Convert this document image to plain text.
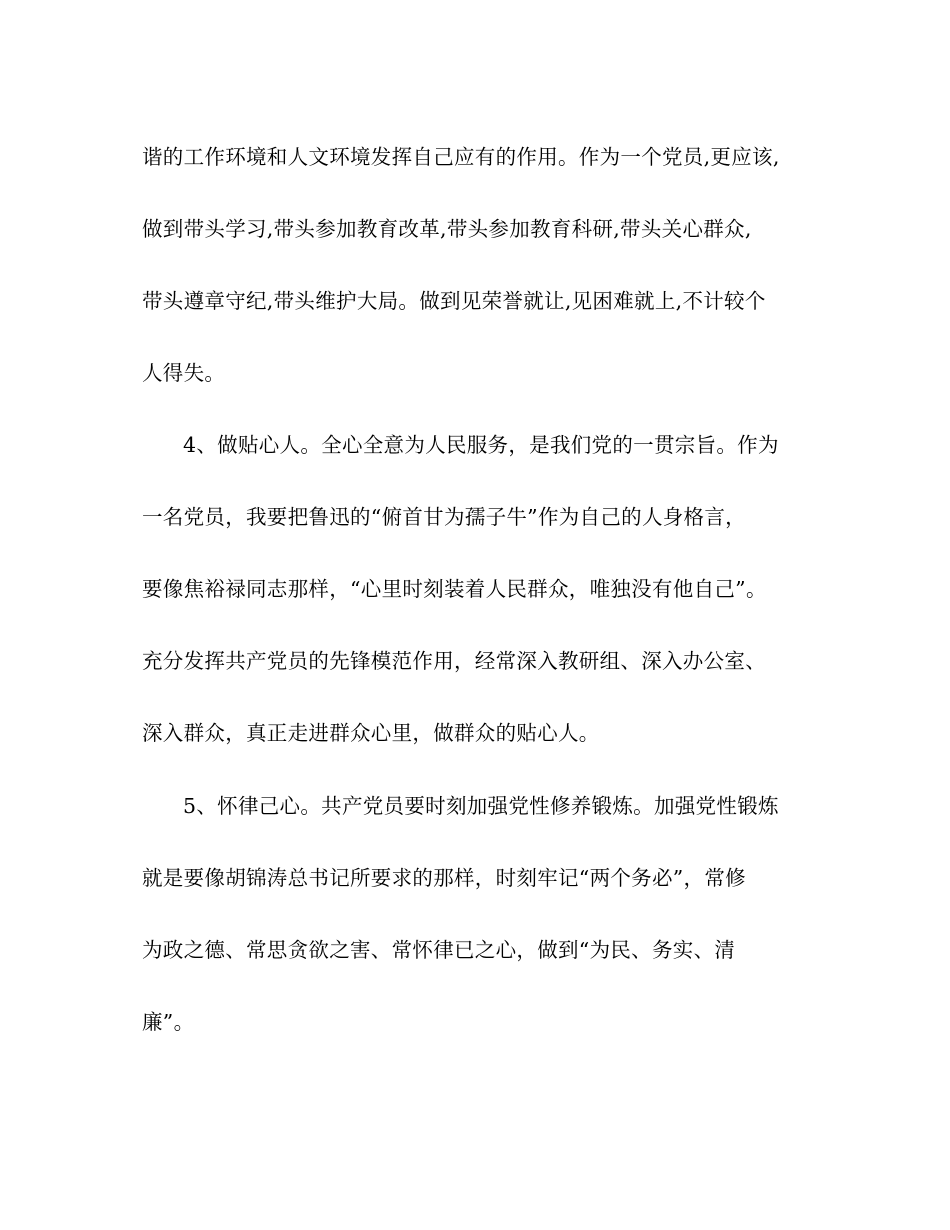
谐的工作环境和人文环境发挥自己应有的作用。作为一个党员,更应该,
做到带头学习,带头参加教育改革,带头参加教育科研,带头关心群众,
带头遵章守纪,带头维护大局。做到见荣誉就让,见困难就上,不计较个
人得失。
4、做贴心人。全心全意为人民服务，是我们党的一贯宗旨。作为
一名党员，我要把鲁迅的“俯首甘为孺子牛”作为自己的人身格言，
要像焦裕禄同志那样，“心里时刻装着人民群众，唯独没有他自己”。
充分发挥共产党员的先锋模范作用，经常深入教研组、深入办公室、
深入群众，真正走进群众心里，做群众的贴心人。
5、怀律己心。共产党员要时刻加强党性修养锻炼。加强党性锻炼
就是要像胡锦涛总书记所要求的那样，时刻牢记“两个务必”，常修
为政之德、常思贪欲之害、常怀律已之心，做到“为民、务实、清
廉”。
